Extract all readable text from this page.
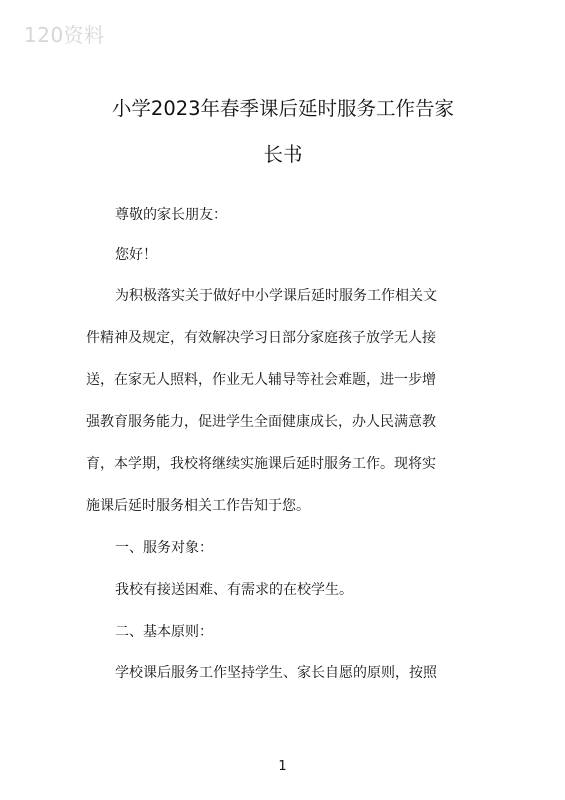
120资料
小学2023年春季课后延时服务工作告家
长书
尊敬的家长朋友：
您好！
为积极落实关于做好中小学课后延时服务工作相关文
件精神及规定，有效解决学习日部分家庭孩子放学无人接
送，在家无人照料，作业无人辅导等社会难题，进一步增
强教育服务能力，促进学生全面健康成长，办人民满意教
育，本学期，我校将继续实施课后延时服务工作。现将实
施课后延时服务相关工作告知于您。
一、服务对象：
我校有接送困难、有需求的在校学生。
二、基本原则：
学校课后服务工作坚持学生、家长自愿的原则，按照
1
